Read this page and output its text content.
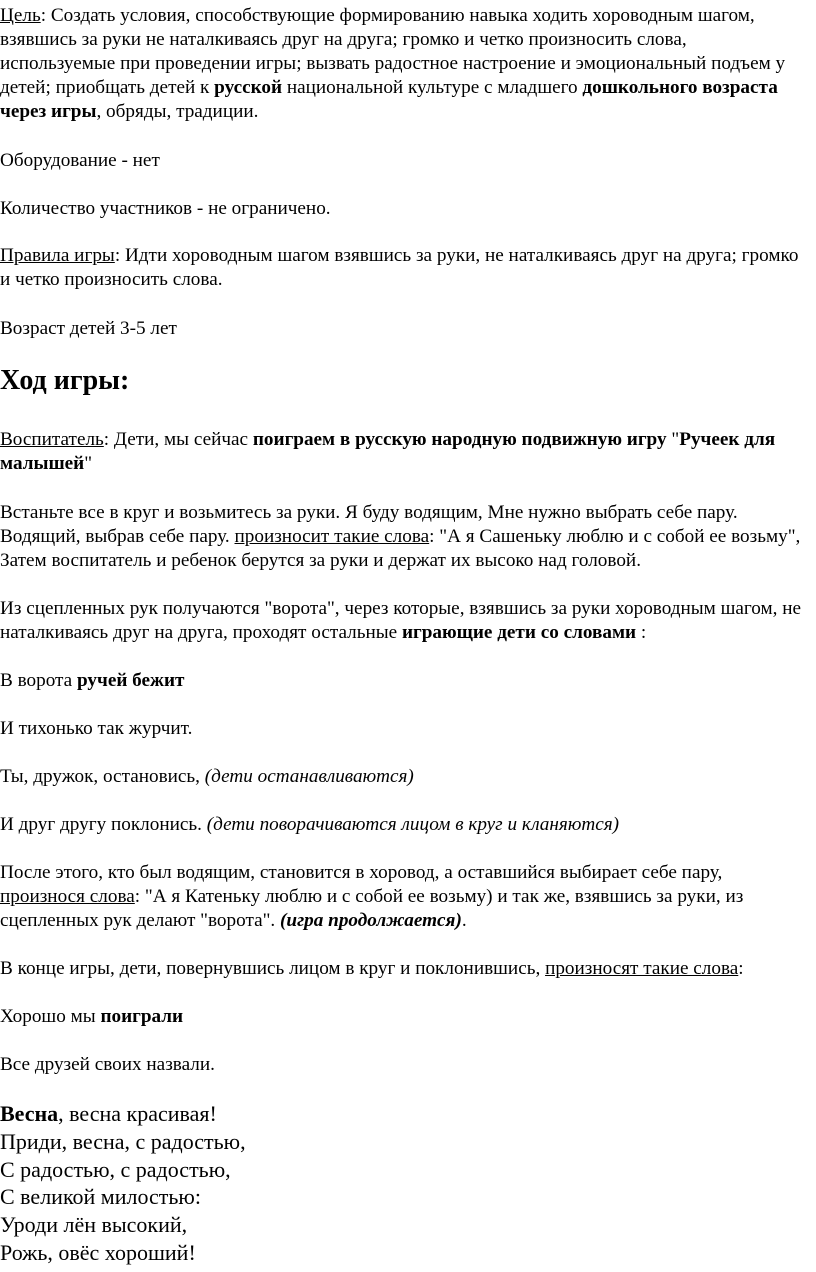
Цель: Создать условия, способствующие формированию навыка ходить хороводным шагом, взявшись за руки не наталкиваясь друг на друга; громко и четко произносить слова, используемые при проведении игры; вызвать радостное настроение и эмоциональный подъем у детей; приобщать детей к русской национальной культуре с младшего дошкольного возраста через игры, обряды, традиции.

Оборудование - нет

Количество участников - не ограничено.

Правила игры: Идти хороводным шагом взявшись за руки, не наталкиваясь друг на друга; громко и четко произносить слова.

Возраст детей 3-5 лет

Ход игры:

Воспитатель: Дети, мы сейчас поиграем в русскую народную подвижную игру "Ручеек для малышей"

Встаньте все в круг и возьмитесь за руки. Я буду водящим, Мне нужно выбрать себе пару. Водящий, выбрав себе пару. произносит такие слова: "А я Сашеньку люблю и с собой ее возьму", Затем воспитатель и ребенок берутся за руки и держат их высоко над головой.

Из сцепленных рук получаются "ворота", через которые, взявшись за руки хороводным шагом, не наталкиваясь друг на друга, проходят остальные играющие дети со словами :

В ворота ручей бежит

И тихонько так журчит.

Ты, дружок, остановись, (дети останавливаются)

И друг другу поклонись. (дети поворачиваются лицом в круг и кланяются)

После этого, кто был водящим, становится в хоровод, а оставшийся выбирает себе пару, произнося слова: "А я Катеньку люблю и с собой ее возьму) и так же, взявшись за руки, из сцепленных рук делают "ворота". (игра продолжается).

В конце игры, дети, повернувшись лицом в круг и поклонившись, произносят такие слова:

Хорошо мы поиграли

Все друзей своих назвали.

Весна, весна красивая!
Приди, весна, с радостью,
С радостью, с радостью,
С великой милостью:
Уроди лён высокий,
Рожь, овёс хороший!
